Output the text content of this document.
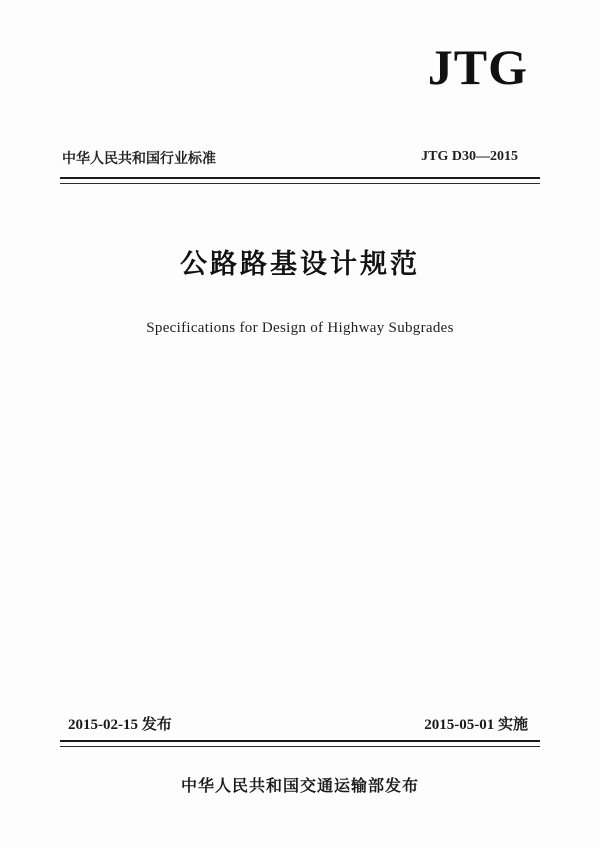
JTG
中华人民共和国行业标准	JTG D30—2015
公路路基设计规范
Specifications for Design of Highway Subgrades
2015-02-15 发布	2015-05-01 实施
中华人民共和国交通运输部发布
